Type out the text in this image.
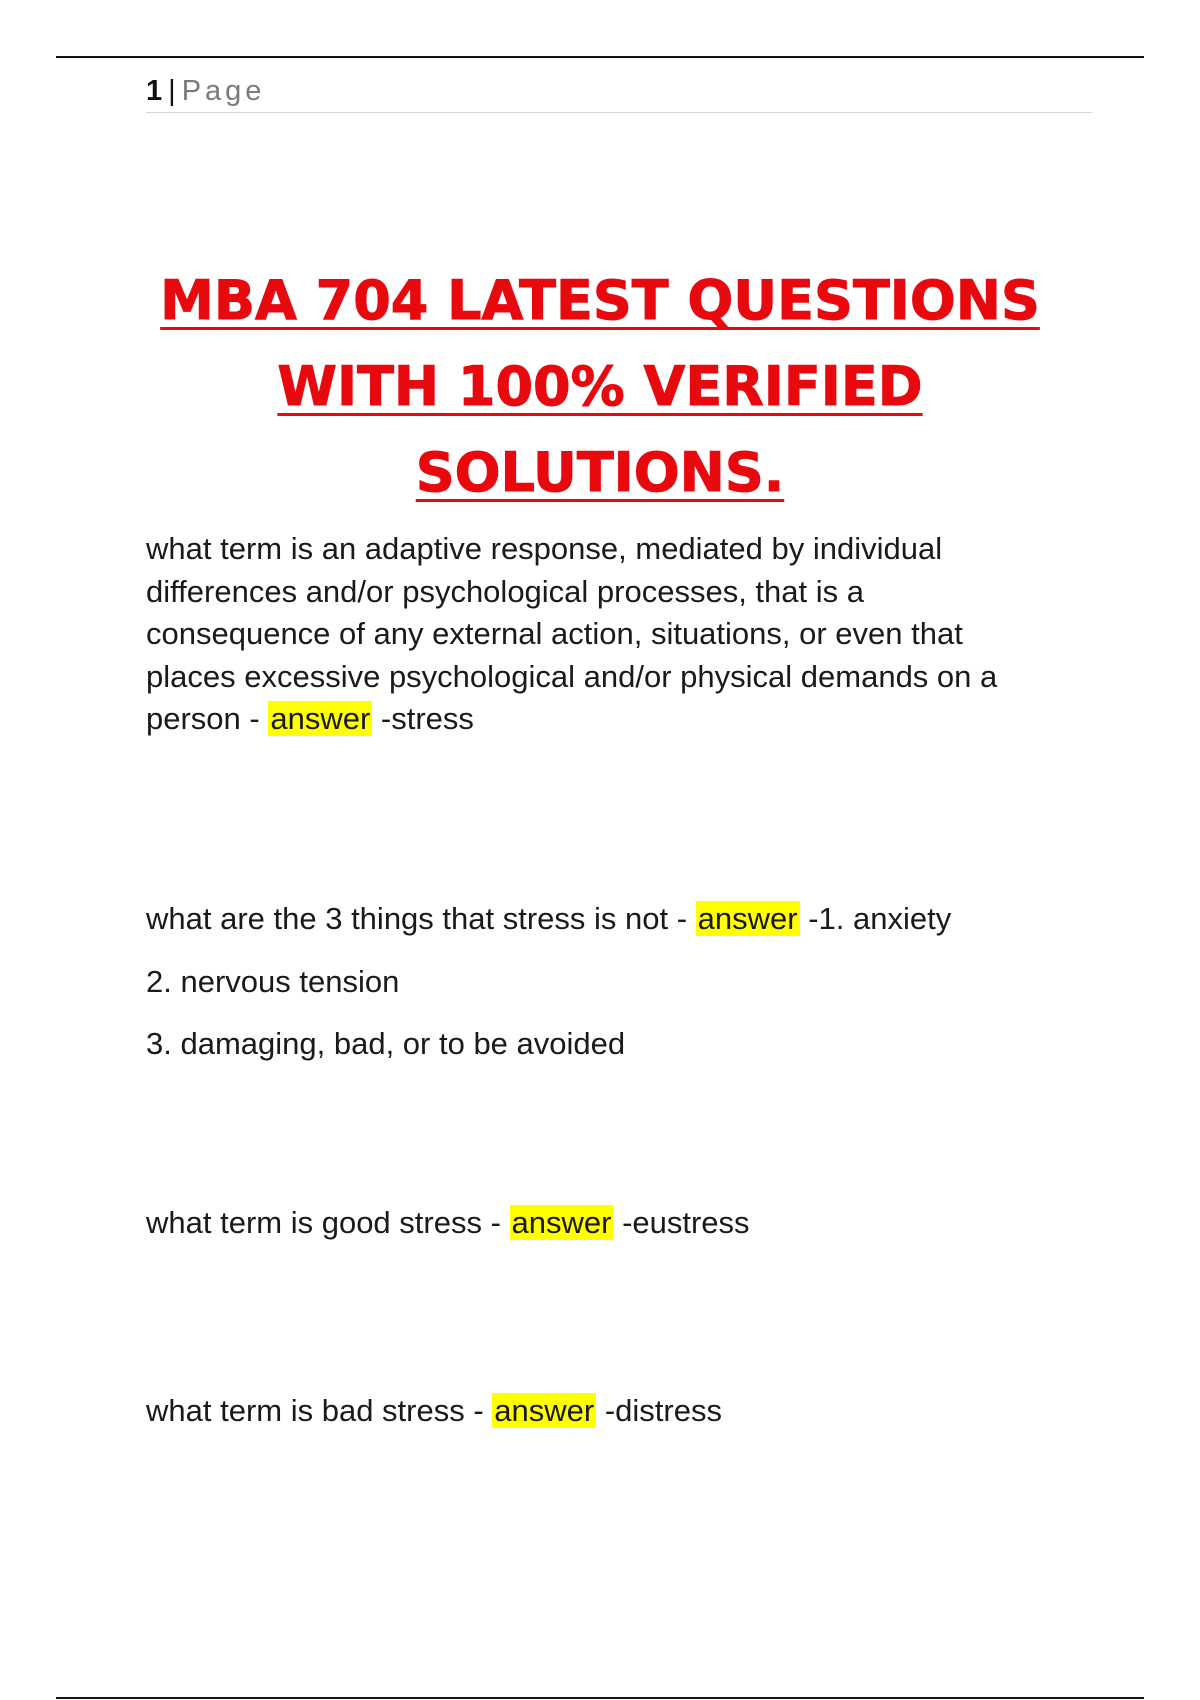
1 | Page
MBA 704 LATEST QUESTIONS
WITH 100% VERIFIED
SOLUTIONS.
what term is an adaptive response, mediated by individual
differences and/or psychological processes, that is a
consequence of any external action, situations, or even that
places excessive psychological and/or physical demands on a
person - answer -stress
what are the 3 things that stress is not - answer -1. anxiety
2. nervous tension
3. damaging, bad, or to be avoided
what term is good stress - answer -eustress
what term is bad stress - answer -distress
